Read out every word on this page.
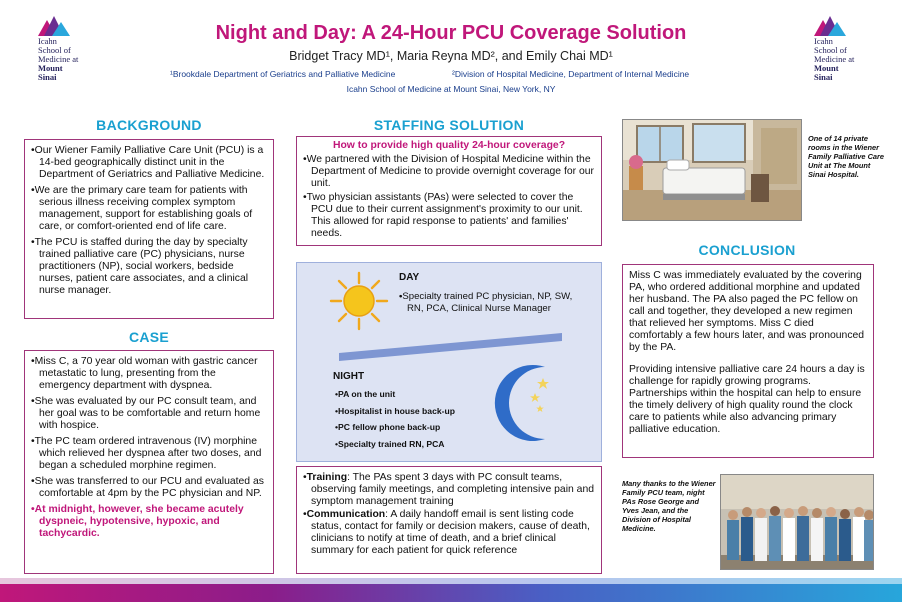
Icahn
School of
Medicine at
Mount
Sinai
Icahn
School of
Medicine at
Mount
Sinai
Night and Day: A 24-Hour PCU Coverage Solution
Bridget Tracy MD¹, Maria Reyna MD², and Emily Chai MD¹
¹Brookdale Department of Geriatrics and Palliative Medicine	²Division of Hospital Medicine, Department of Internal Medicine
Icahn School of Medicine at Mount Sinai, New York, NY
BACKGROUND
• Our Wiener Family Palliative Care Unit (PCU) is a 14-bed geographically distinct unit in the Department of Geriatrics and Palliative Medicine.
• We are the primary care team for patients with serious illness receiving complex symptom management, support for establishing goals of care, or comfort-oriented end of life care.
• The PCU is staffed during the day by specialty trained palliative care (PC) physicians, nurse practitioners (NP), social workers, bedside nurses, patient care associates, and a clinical nurse manager.
CASE
• Miss C, a 70 year old woman with gastric cancer metastatic to lung, presenting from the emergency department with dyspnea.
• She was evaluated by our PC consult team, and her goal was to be comfortable and return home with hospice.
• The PC team ordered intravenous (IV) morphine which relieved her dyspnea after two doses, and began a scheduled morphine regimen.
• She was transferred to our PCU and evaluated as comfortable at 4pm by the PC physician and NP.
• At midnight, however, she became acutely dyspneic, hypotensive, hypoxic, and tachycardic.
STAFFING SOLUTION
How to provide high quality 24-hour coverage?
• We partnered with the Division of Hospital Medicine within the Department of Medicine to provide overnight coverage for our unit.
• Two physician assistants (PAs) were selected to cover the PCU due to their current assignment's proximity to our unit. This allowed for rapid response to patients' and families' needs.
DAY
• Specialty trained PC physician, NP, SW, RN, PCA, Clinical Nurse Manager
NIGHT
• PA on the unit
• Hospitalist in house back-up
• PC fellow phone back-up
• Specialty trained RN, PCA
• Training: The PAs spent 3 days with PC consult teams, observing family meetings, and completing intensive pain and symptom management training
• Communication: A daily handoff email is sent listing code status, contact for family or decision makers, cause of death, clinicians to notify at time of death, and a brief clinical summary for each patient for quick reference
One of 14 private rooms in the Wiener Family Palliative Care Unit at The Mount Sinai Hospital.
CONCLUSION

Miss C was immediately evaluated by the covering PA, who ordered additional morphine and updated her husband. The PA also paged the PC fellow on call and together, they developed a new regimen that relieved her symptoms. Miss C died comfortably a few hours later, and was pronounced by the PA.

Providing intensive palliative care 24 hours a day is challenge for rapidly growing programs. Partnerships within the hospital can help to ensure the timely delivery of high quality round the clock care to patients while also advancing primary palliative education.

Many thanks to the Wiener Family PCU team, night PAs Rose George and Yves Jean, and the Division of Hospital Medicine.
